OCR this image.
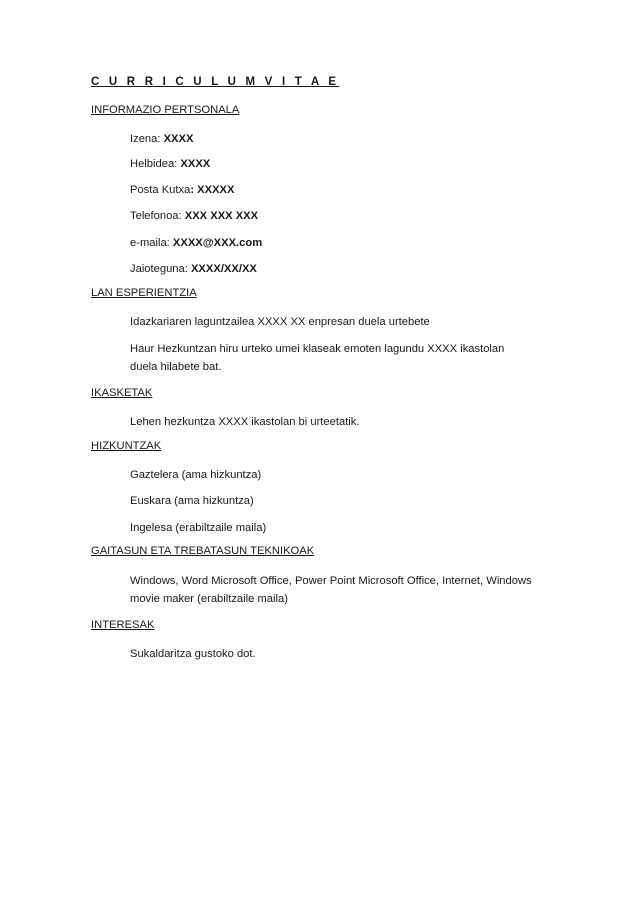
C U R R I C U L U M V I T A E
INFORMAZIO PERTSONALA
Izena: XXXX
Helbidea: XXXX
Posta Kutxa: XXXXX
Telefonoa: XXX XXX XXX
e-maila: XXXX@XXX.com
Jaioteguna: XXXX/XX/XX
LAN ESPERIENTZIA
Idazkariaren laguntzailea XXXX XX enpresan duela urtebete
Haur Hezkuntzan hiru urteko umei klaseak emoten lagundu XXXX ikastolan duela hilabete bat.
IKASKETAK
Lehen hezkuntza XXXX ikastolan bi urteetatik.
HIZKUNTZAK
Gaztelera (ama hizkuntza)
Euskara (ama hizkuntza)
Ingelesa (erabiltzaile maila)
GAITASUN ETA TREBATASUN TEKNIKOAK
Windows, Word Microsoft Office, Power Point Microsoft Office, Internet, Windows movie maker (erabiltzaile maila)
INTERESAK
Sukaldaritza gustoko dot.
